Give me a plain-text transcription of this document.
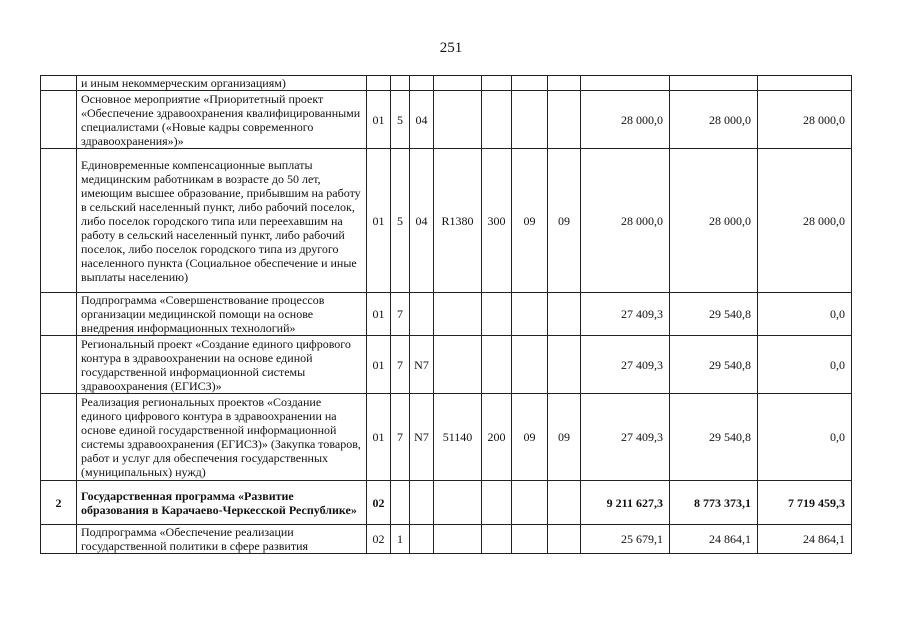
251
	и иным некоммерческим организациям)										
	Основное мероприятие «Приоритетный проект «Обеспечение здравоохранения квалифицированными специалистами («Новые кадры современного здравоохранения»)»	01	5	04					28 000,0	28 000,0	28 000,0
	Единовременные компенсационные выплаты медицинским работникам в возрасте до 50 лет, имеющим высшее образование, прибывшим на работу в сельский населенный пункт, либо рабочий поселок, либо поселок городского типа или переехавшим на работу в сельский населенный пункт, либо рабочий поселок, либо поселок городского типа из другого населенного пункта (Социальное обеспечение и иные выплаты населению)	01	5	04	R1380	300	09	09	28 000,0	28 000,0	28 000,0
	Подпрограмма «Совершенствование процессов организации медицинской помощи на основе внедрения информационных технологий»	01	7						27 409,3	29 540,8	0,0
	Региональный проект «Создание единого цифрового контура в здравоохранении на основе единой государственной информационной системы здравоохранения (ЕГИСЗ)»	01	7	N7					27 409,3	29 540,8	0,0
	Реализация региональных проектов «Создание единого цифрового контура в здравоохранении на основе единой государственной информационной системы здравоохранения (ЕГИСЗ)» (Закупка товаров, работ и услуг для обеспечения государственных (муниципальных) нужд)	01	7	N7	51140	200	09	09	27 409,3	29 540,8	0,0
2	Государственная программа «Развитие образования в Карачаево-Черкесской Республике»	02							9 211 627,3	8 773 373,1	7 719 459,3
	Подпрограмма «Обеспечение реализации государственной политики в сфере развития	02	1						25 679,1	24 864,1	24 864,1
